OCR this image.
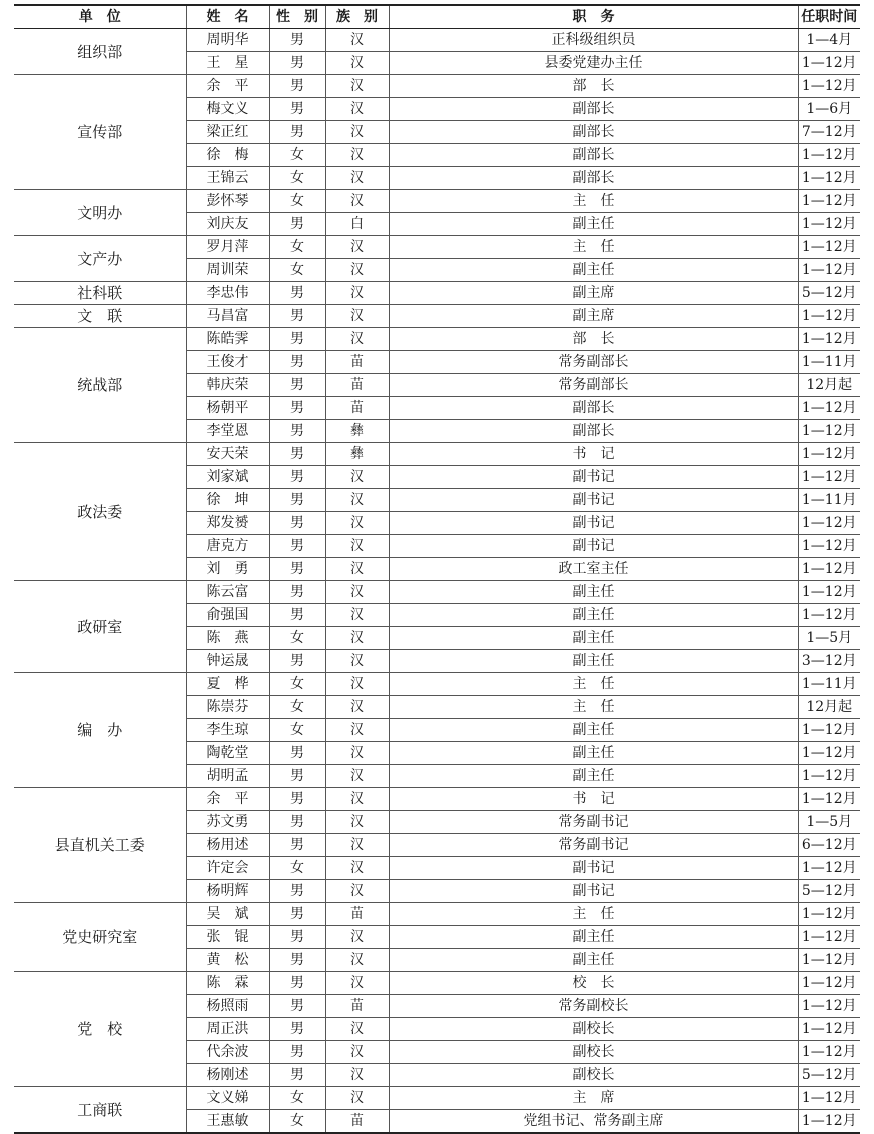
单　位	姓　名	性　别	族　别	职　务	任职时间
组织部	周明华	男	汉	正科级组织员	1—4月
	王　星	男	汉	县委党建办主任	1—12月
宣传部	余　平	男	汉	部　长	1—12月
	梅文义	男	汉	副部长	1—6月
	梁正红	男	汉	副部长	7—12月
	徐　梅	女	汉	副部长	1—12月
	王锦云	女	汉	副部长	1—12月
文明办	彭怀琴	女	汉	主　任	1—12月
	刘庆友	男	白	副主任	1—12月
文产办	罗月萍	女	汉	主　任	1—12月
	周训荣	女	汉	副主任	1—12月
社科联	李忠伟	男	汉	副主席	5—12月
文　联	马昌富	男	汉	副主席	1—12月
统战部	陈皓霁	男	汉	部　长	1—12月
	王俊才	男	苗	常务副部长	1—11月
	韩庆荣	男	苗	常务副部长	12月起
	杨朝平	男	苗	副部长	1—12月
	李堂恩	男	彝	副部长	1—12月
政法委	安天荣	男	彝	书　记	1—12月
	刘家斌	男	汉	副书记	1—12月
	徐　坤	男	汉	副书记	1—11月
	郑发赟	男	汉	副书记	1—12月
	唐克方	男	汉	副书记	1—12月
	刘　勇	男	汉	政工室主任	1—12月
政研室	陈云富	男	汉	副主任	1—12月
	俞强国	男	汉	副主任	1—12月
	陈　燕	女	汉	副主任	1—5月
	钟运晟	男	汉	副主任	3—12月
编　办	夏　桦	女	汉	主　任	1—11月
	陈崇芬	女	汉	主　任	12月起
	李生琼	女	汉	副主任	1—12月
	陶乾堂	男	汉	副主任	1—12月
	胡明孟	男	汉	副主任	1—12月
县直机关工委	余　平	男	汉	书　记	1—12月
	苏文勇	男	汉	常务副书记	1—5月
	杨用述	男	汉	常务副书记	6—12月
	许定会	女	汉	副书记	1—12月
	杨明辉	男	汉	副书记	5—12月
党史研究室	吴　斌	男	苗	主　任	1—12月
	张　锟	男	汉	副主任	1—12月
	黄　松	男	汉	副主任	1—12月
党　校	陈　霖	男	汉	校　长	1—12月
	杨照雨	男	苗	常务副校长	1—12月
	周正洪	男	汉	副校长	1—12月
	代余波	男	汉	副校长	1—12月
	杨刚述	男	汉	副校长	5—12月
工商联	文义娣	女	汉	主　席	1—12月
	王惠敏	女	苗	党组书记、常务副主席	1—12月
